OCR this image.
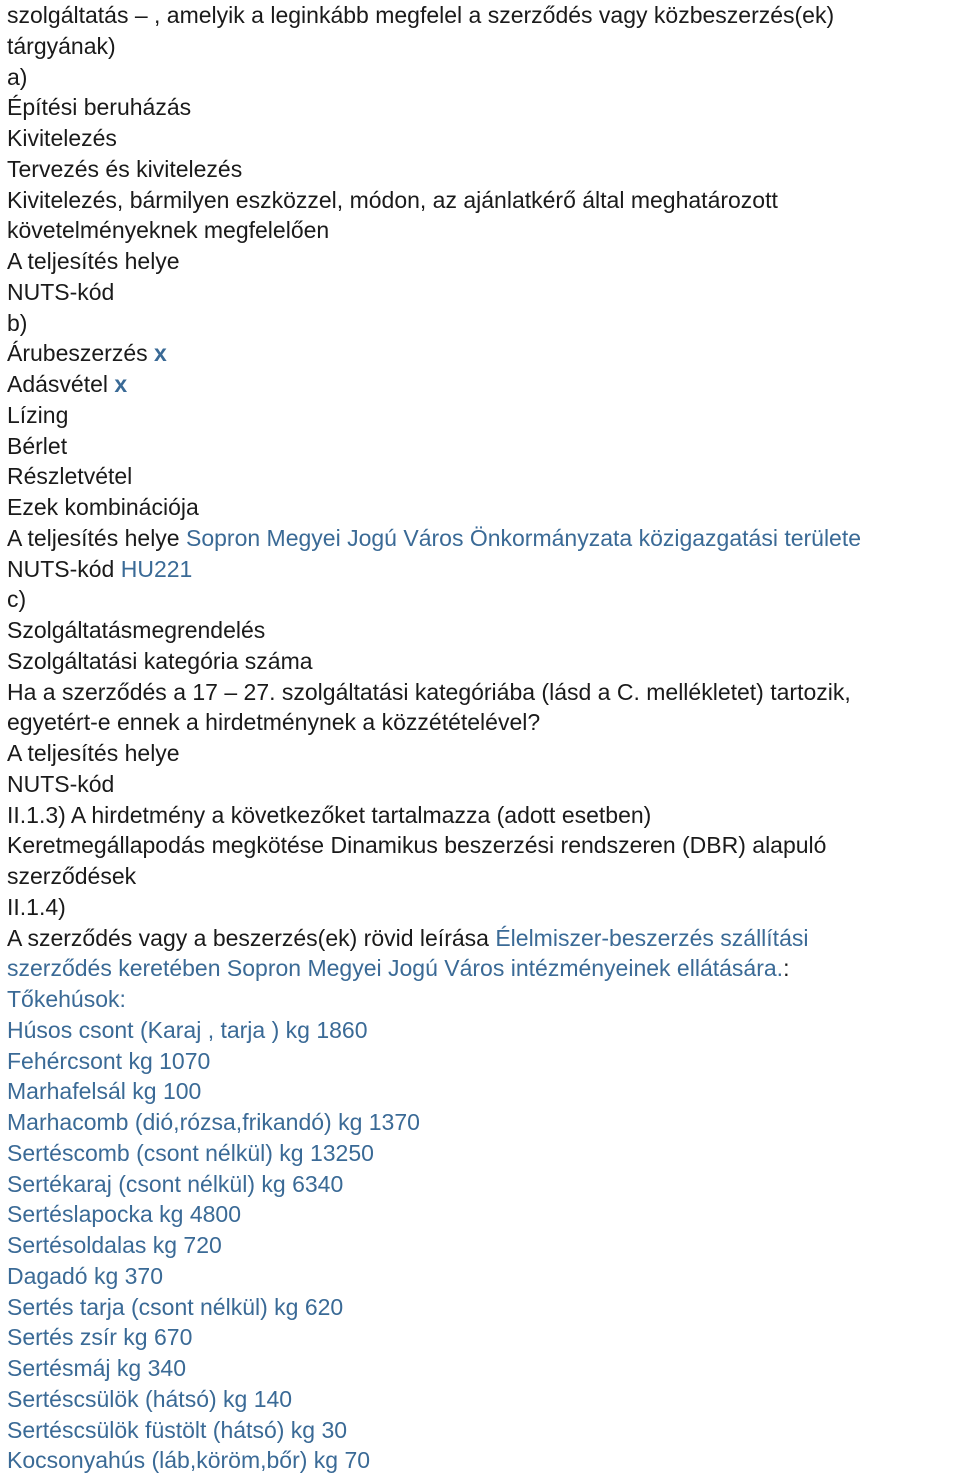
szolgáltatás – , amelyik a leginkább megfelel a szerződés vagy közbeszerzés(ek)
tárgyának)
a)
Építési beruházás
Kivitelezés
Tervezés és kivitelezés
Kivitelezés, bármilyen eszközzel, módon, az ajánlatkérő által meghatározott
követelményeknek megfelelően
A teljesítés helye
NUTS-kód
b)
Árubeszerzés x
Adásvétel x
Lízing
Bérlet
Részletvétel
Ezek kombinációja
A teljesítés helye Sopron Megyei Jogú Város Önkormányzata közigazgatási területe
NUTS-kód HU221
c)
Szolgáltatásmegrendelés
Szolgáltatási kategória száma
Ha a szerződés a 17 – 27. szolgáltatási kategóriába (lásd a C. mellékletet) tartozik,
egyetért-e ennek a hirdetménynek a közzétételével?
A teljesítés helye
NUTS-kód
II.1.3) A hirdetmény a következőket tartalmazza (adott esetben)
Keretmegállapodás megkötése Dinamikus beszerzési rendszeren (DBR) alapuló
szerződések
II.1.4)
A szerződés vagy a beszerzés(ek) rövid leírása Élelmiszer-beszerzés szállítási
szerződés keretében Sopron Megyei Jogú Város intézményeinek ellátására.:
Tőkehúsok:
Húsos csont (Karaj , tarja ) kg 1860
Fehércsont kg 1070
Marhafelsál kg 100
Marhacomb (dió,rózsa,frikandó) kg 1370
Sertéscomb (csont nélkül) kg 13250
Sertékaraj (csont nélkül) kg 6340
Sertéslapocka kg 4800
Sertésoldalas kg 720
Dagadó kg 370
Sertés tarja (csont nélkül) kg 620
Sertés zsír kg 670
Sertésmáj kg 340
Sertéscsülök (hátsó) kg 140
Sertéscsülök füstölt (hátsó) kg 30
Kocsonyahús (láb,köröm,bőr) kg 70
